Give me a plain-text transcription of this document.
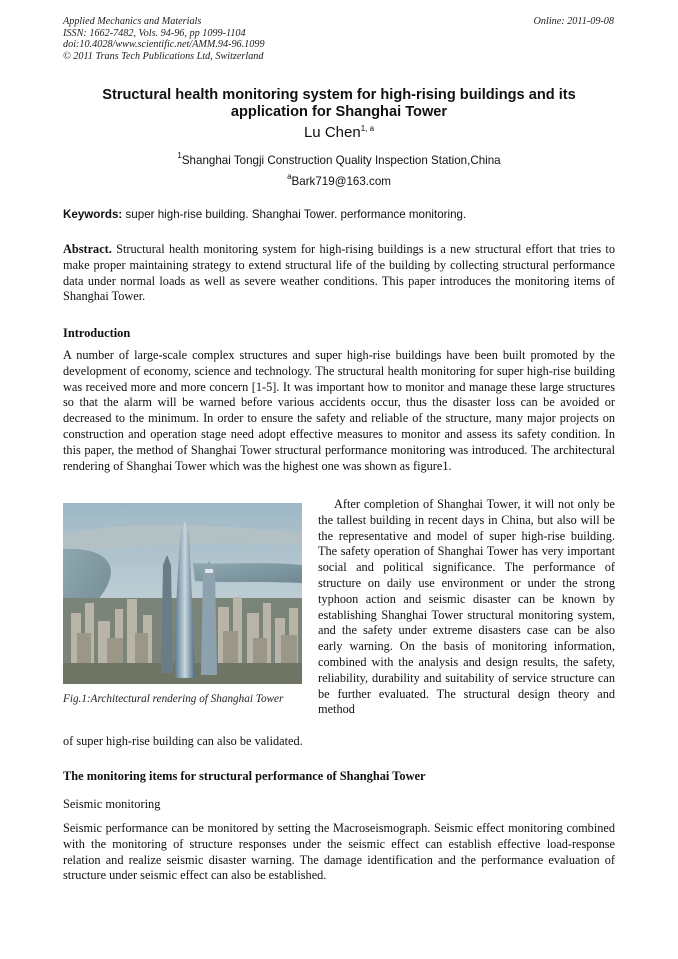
Applied Mechanics and Materials
ISSN: 1662-7482, Vols. 94-96, pp 1099-1104
doi:10.4028/www.scientific.net/AMM.94-96.1099
© 2011 Trans Tech Publications Ltd, Switzerland
Online: 2011-09-08
Structural health monitoring system for high-rising buildings and its application for Shanghai Tower
Lu Chen$^{1, a}$
$^1$Shanghai Tongji Construction Quality Inspection Station,China
$^a$Bark719@163.com
Keywords: super high-rise building. Shanghai Tower. performance monitoring.
Abstract. Structural health monitoring system for high-rising buildings is a new structural effort that tries to make proper maintaining strategy to extend structural life of the building by collecting structural performance data under normal loads as well as severe weather conditions. This paper introduces the monitoring items of Shanghai Tower.
Introduction
A number of large-scale complex structures and super high-rise buildings have been built promoted by the development of economy, science and technology. The structural health monitoring for super high-rise building was received more and more concern [1-5]. It was important how to monitor and manage these large structures so that the alarm will be warned before various accidents occur, thus the disaster loss can be avoided or decreased to the minimum. In order to ensure the safety and reliable of the structure, many major projects on construction and operation stage need adopt effective measures to monitor and assess its safety condition. In this paper, the method of Shanghai Tower structural performance monitoring was introduced. The architectural rendering of Shanghai Tower which was the highest one was shown as figure1.
Fig.1:Architectural rendering of Shanghai Tower
After completion of Shanghai Tower, it will not only be the tallest building in recent days in China, but also will be the representative and model of super high-rise building. The safety operation of Shanghai Tower has very important social and political significance. The performance of structure on daily use environment or under the strong typhoon action and seismic disaster can be known by establishing Shanghai Tower structural monitoring system, and the safety under extreme disasters case can be also early warning. On the basis of monitoring information, combined with the analysis and design results, the safety, reliability, durability and suitability of service structure can be further evaluated. The structural design theory and method
of super high-rise building can also be validated.
The monitoring items for structural performance of Shanghai Tower
Seismic monitoring
Seismic performance can be monitored by setting the Macroseismograph. Seismic effect monitoring combined with the monitoring of structure responses under the seismic effect can establish effective load-response relation and realize seismic disaster warning. The damage identification and the performance evaluation of structure under seismic effect can also be established.
